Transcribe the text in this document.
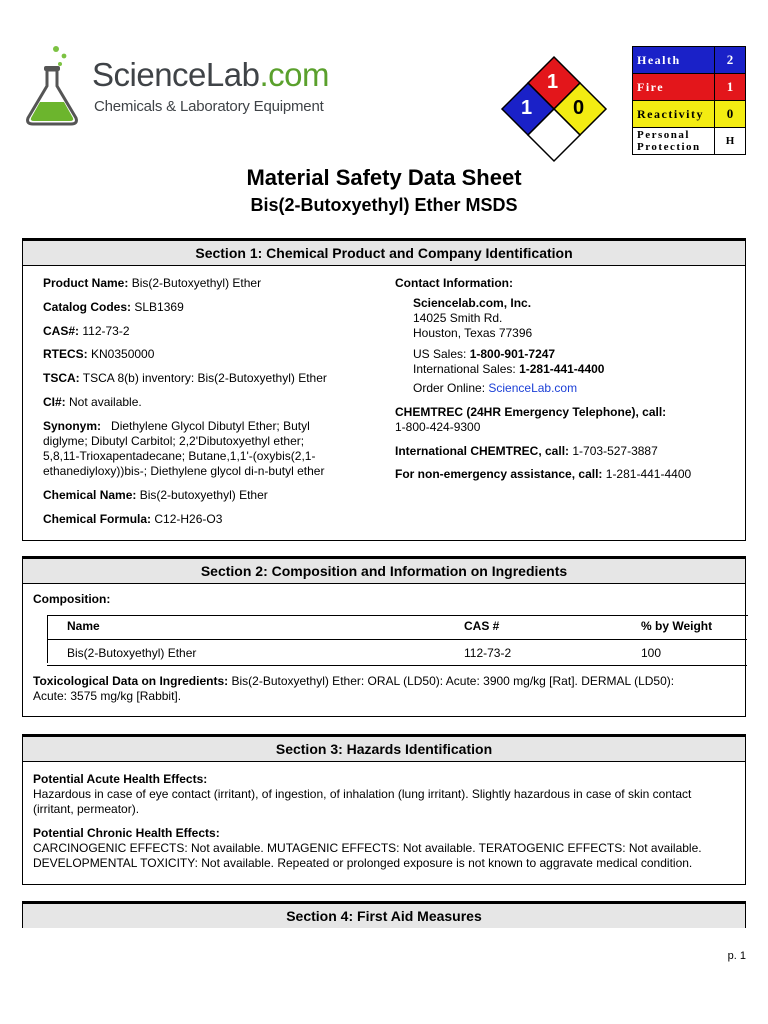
ScienceLab.com
Chemicals & Laboratory Equipment
1
1 0
Health	2
Fire	1
Reactivity	0
Personal Protection	H
Material Safety Data Sheet
Bis(2-Butoxyethyl) Ether MSDS
Section 1: Chemical Product and Company Identification
Product Name: Bis(2-Butoxyethyl) Ether
Catalog Codes: SLB1369
CAS#: 112-73-2
RTECS: KN0350000
TSCA: TSCA 8(b) inventory: Bis(2-Butoxyethyl) Ether
CI#: Not available.
Synonym: Diethylene Glycol Dibutyl Ether; Butyl
diglyme; Dibutyl Carbitol; 2,2'Dibutoxyethyl ether;
5,8,11-Trioxapentadecane; Butane,1,1'-(oxybis(2,1-
ethanediyloxy))bis-; Diethylene glycol di-n-butyl ether
Chemical Name: Bis(2-butoxyethyl) Ether
Chemical Formula: C12-H26-O3
Contact Information:
Sciencelab.com, Inc.
14025 Smith Rd.
Houston, Texas 77396
US Sales: 1-800-901-7247
International Sales: 1-281-441-4400
Order Online: ScienceLab.com
CHEMTREC (24HR Emergency Telephone), call:
1-800-424-9300
International CHEMTREC, call: 1-703-527-3887
For non-emergency assistance, call: 1-281-441-4400
Section 2: Composition and Information on Ingredients
Composition:
Name	CAS #	% by Weight
Bis(2-Butoxyethyl) Ether	112-73-2	100
Toxicological Data on Ingredients: Bis(2-Butoxyethyl) Ether: ORAL (LD50): Acute: 3900 mg/kg [Rat]. DERMAL (LD50):
Acute: 3575 mg/kg [Rabbit].
Section 3: Hazards Identification
Potential Acute Health Effects:
Hazardous in case of eye contact (irritant), of ingestion, of inhalation (lung irritant). Slightly hazardous in case of skin contact
(irritant, permeator).
Potential Chronic Health Effects:
CARCINOGENIC EFFECTS: Not available. MUTAGENIC EFFECTS: Not available. TERATOGENIC EFFECTS: Not available.
DEVELOPMENTAL TOXICITY: Not available. Repeated or prolonged exposure is not known to aggravate medical condition.
Section 4: First Aid Measures
p. 1
